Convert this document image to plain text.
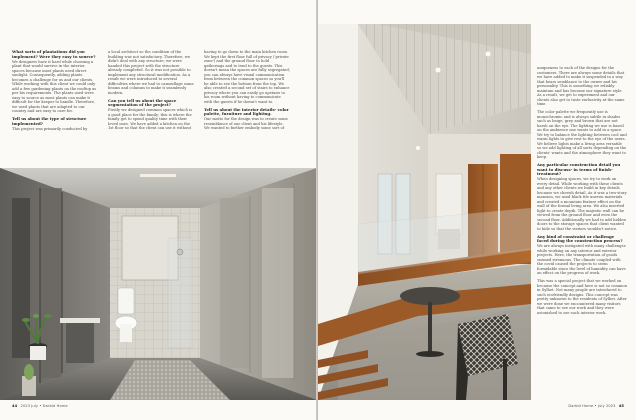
What sorts of plantations did you implement? Were they easy to source?

We designers have it hard while choosing a plant that would survive in the interior spaces because most plants need direct sunlight. Consequently, adding plants becomes a challenge for us and our clients. While working with this client we could only add a few gardening plants on the rooftop as per his requirements. The plants used were easy to source as most plants can make it difficult for the keeper to handle. Therefore, we used plants that are adapted to our country and are easy to care for.

Tell us about the type of structure implemented?

This project was primarily conducted by

a local architect so the condition of the building was not satisfactory. Therefore, we didn't deal with any structure; we were handed this project with the structure already completed. So it was not possible to implement any structural modification. As a result we were introduced to several difficulties where we had to camouflage some beams and columns to make it seamlessly modern.

Can you tell us about the space segmentation of the project?

Firstly we designed common spaces which is a good place for the family; this is where the family get to spend quality time with their loved ones. We have added a kitchen on the 1st floor so that the client can use it without

having to go down to the main kitchen room. We kept the first floor full of privacy ('private zone') and the ground floor to hold gatherings and to tend to the guests. This doesn't mean the spaces are fully segregated; you can always have visual communication from between the common spaces so you'll be able to see the bottom from the top. We also created a second set of stairs to enhance privacy where you can easily go upstairs to his room without having to communicate with the guests if he doesn't want to.

Tell us about the interior details- color palette, furniture and lighting.

Our motto for the design was to create some resemblance of our client and his lifestyle. We wanted to further embody some sort of

44 2023 July • Darbid Home

uniqueness to each of the designs for the customers. There are always some details that we have added to make it suspended in a way that bears semblance to the owner and his personality. This is something we reliably maintain and has become our signature style. As a result, we get to experiment and our clients also get to taste exclusivity at the same time.

The color palette we frequently use is monochromic and is always subtle in shades such as beige, grey and brown that are not harsh on the eye. The lighting we use is based on the ambience one wants to add in a space. We try to balance the lighting between cool and warm lights to give rest to the eye of the users. We believe lights make a living area versatile so we add lighting of all sorts depending on the clients' wants and the atmosphere they want to keep.

Any particular construction detail you want to discuss- in terms of finish-treatment?

When designing spaces, we try to work on every detail. While working with these clients and any other clients we build in key details because we cherish detail. As it was a two-story mansion, we used black tile uneven materials and created a mountain feature effect on the wall of the formal living area. We also inserted light to create depth. The majestic wall can be viewed from the ground floor and even the second floor. Additionally we had to add hidden doors to the storage spaces that client wanted to hide so that the visitors wouldn't notice.

Any kind of constraint or challenge faced during the construction process?

We are always instigated with many challenges while working on any interior and exterior projects. Here, the transportation of goods seemed strenuous. The climate coupled with the covid caused the projects to seem formidable since the level of humidity can have an effect on the progress of work.

This was a special project that we worked on because the concept and here is not so common in Sylhet. Not many people are introduced to such ecofriendly designs. This concept was pretty unknown to the residents of Sylhet. After we were done we encountered many visitors that came to see our work and they were astonished to see such interior work.

Darbid Home • July 2023 45
